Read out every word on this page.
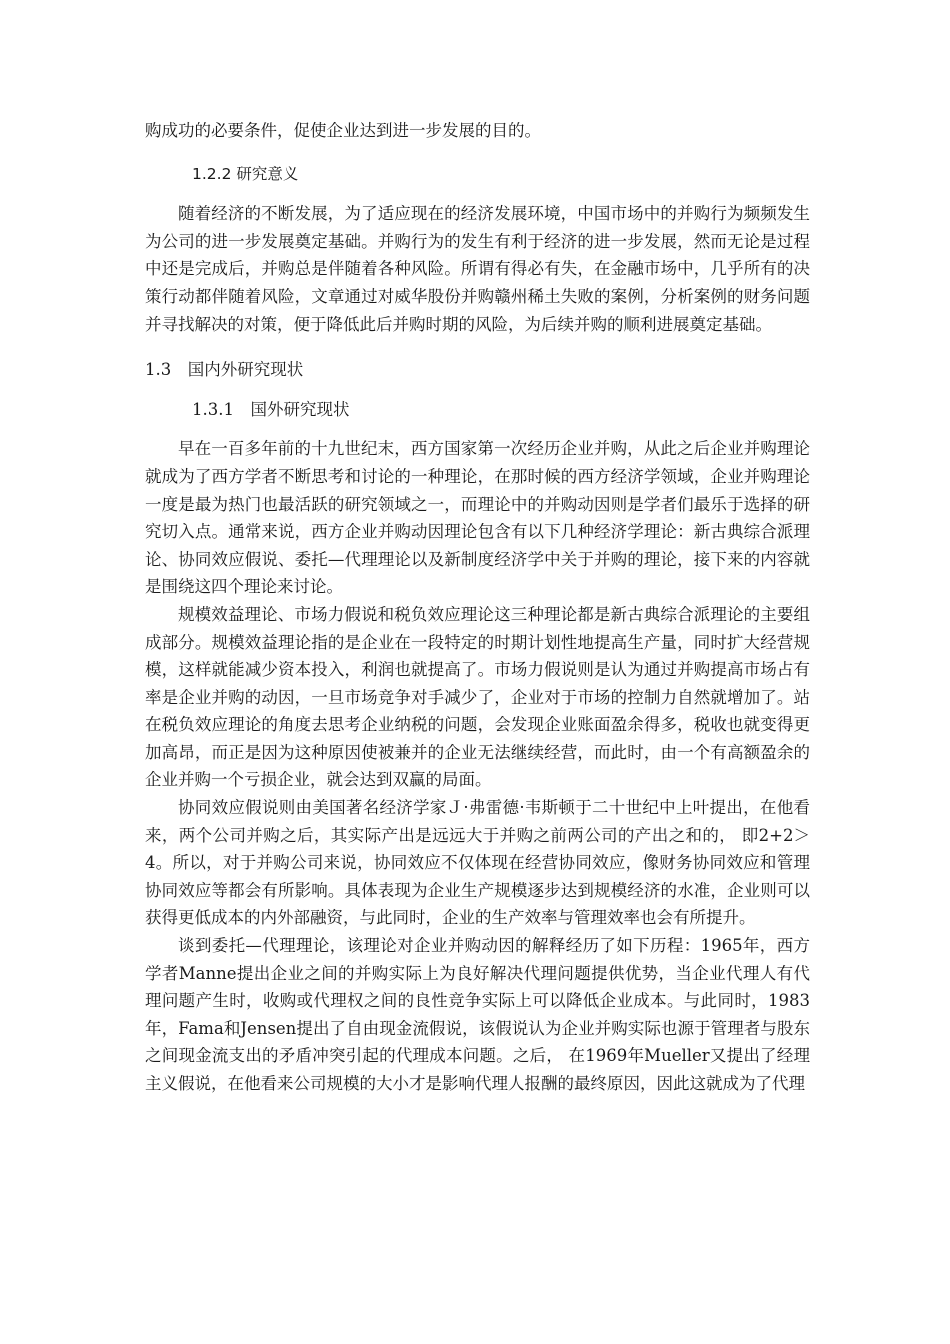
购成功的必要条件，促使企业达到进一步发展的目的。

1.2.2 研究意义

随着经济的不断发展，为了适应现在的经济发展环境，中国市场中的并购行为频频发生为公司的进一步发展奠定基础。并购行为的发生有利于经济的进一步发展，然而无论是过程中还是完成后，并购总是伴随着各种风险。所谓有得必有失，在金融市场中，几乎所有的决策行动都伴随着风险，文章通过对威华股份并购赣州稀土失败的案例，分析案例的财务问题并寻找解决的对策，便于降低此后并购时期的风险，为后续并购的顺利进展奠定基础。

1.3　国内外研究现状
1.3.1　国外研究现状

早在一百多年前的十九世纪末，西方国家第一次经历企业并购，从此之后企业并购理论就成为了西方学者不断思考和讨论的一种理论，在那时候的西方经济学领域，企业并购理论一度是最为热门也最活跃的研究领域之一，而理论中的并购动因则是学者们最乐于选择的研究切入点。通常来说，西方企业并购动因理论包含有以下几种经济学理论：新古典综合派理论、协同效应假说、委托—代理理论以及新制度经济学中关于并购的理论，接下来的内容就是围绕这四个理论来讨论。

规模效益理论、市场力假说和税负效应理论这三种理论都是新古典综合派理论的主要组成部分。规模效益理论指的是企业在一段特定的时期计划性地提高生产量，同时扩大经营规模，这样就能减少资本投入，利润也就提高了。市场力假说则是认为通过并购提高市场占有率是企业并购的动因，一旦市场竞争对手减少了，企业对于市场的控制力自然就增加了。站在税负效应理论的角度去思考企业纳税的问题，会发现企业账面盈余得多，税收也就变得更加高昂，而正是因为这种原因使被兼并的企业无法继续经营，而此时，由一个有高额盈余的企业并购一个亏损企业，就会达到双赢的局面。

协同效应假说则由美国著名经济学家Ｊ·弗雷德·韦斯顿于二十世纪中上叶提出，在他看来，两个公司并购之后，其实际产出是远远大于并购之前两公司的产出之和的， 即2+2＞4。所以，对于并购公司来说，协同效应不仅体现在经营协同效应，像财务协同效应和管理协同效应等都会有所影响。具体表现为企业生产规模逐步达到规模经济的水准，企业则可以获得更低成本的内外部融资，与此同时，企业的生产效率与管理效率也会有所提升。

谈到委托—代理理论，该理论对企业并购动因的解释经历了如下历程：1965年，西方学者Manne提出企业之间的并购实际上为良好解决代理问题提供优势，当企业代理人有代理问题产生时，收购或代理权之间的良性竞争实际上可以降低企业成本。与此同时，1983年，Fama和Jensen提出了自由现金流假说，该假说认为企业并购实际也源于管理者与股东之间现金流支出的矛盾冲突引起的代理成本问题。之后， 在1969年Mueller又提出了经理主义假说，在他看来公司规模的大小才是影响代理人报酬的最终原因，因此这就成为了代理
